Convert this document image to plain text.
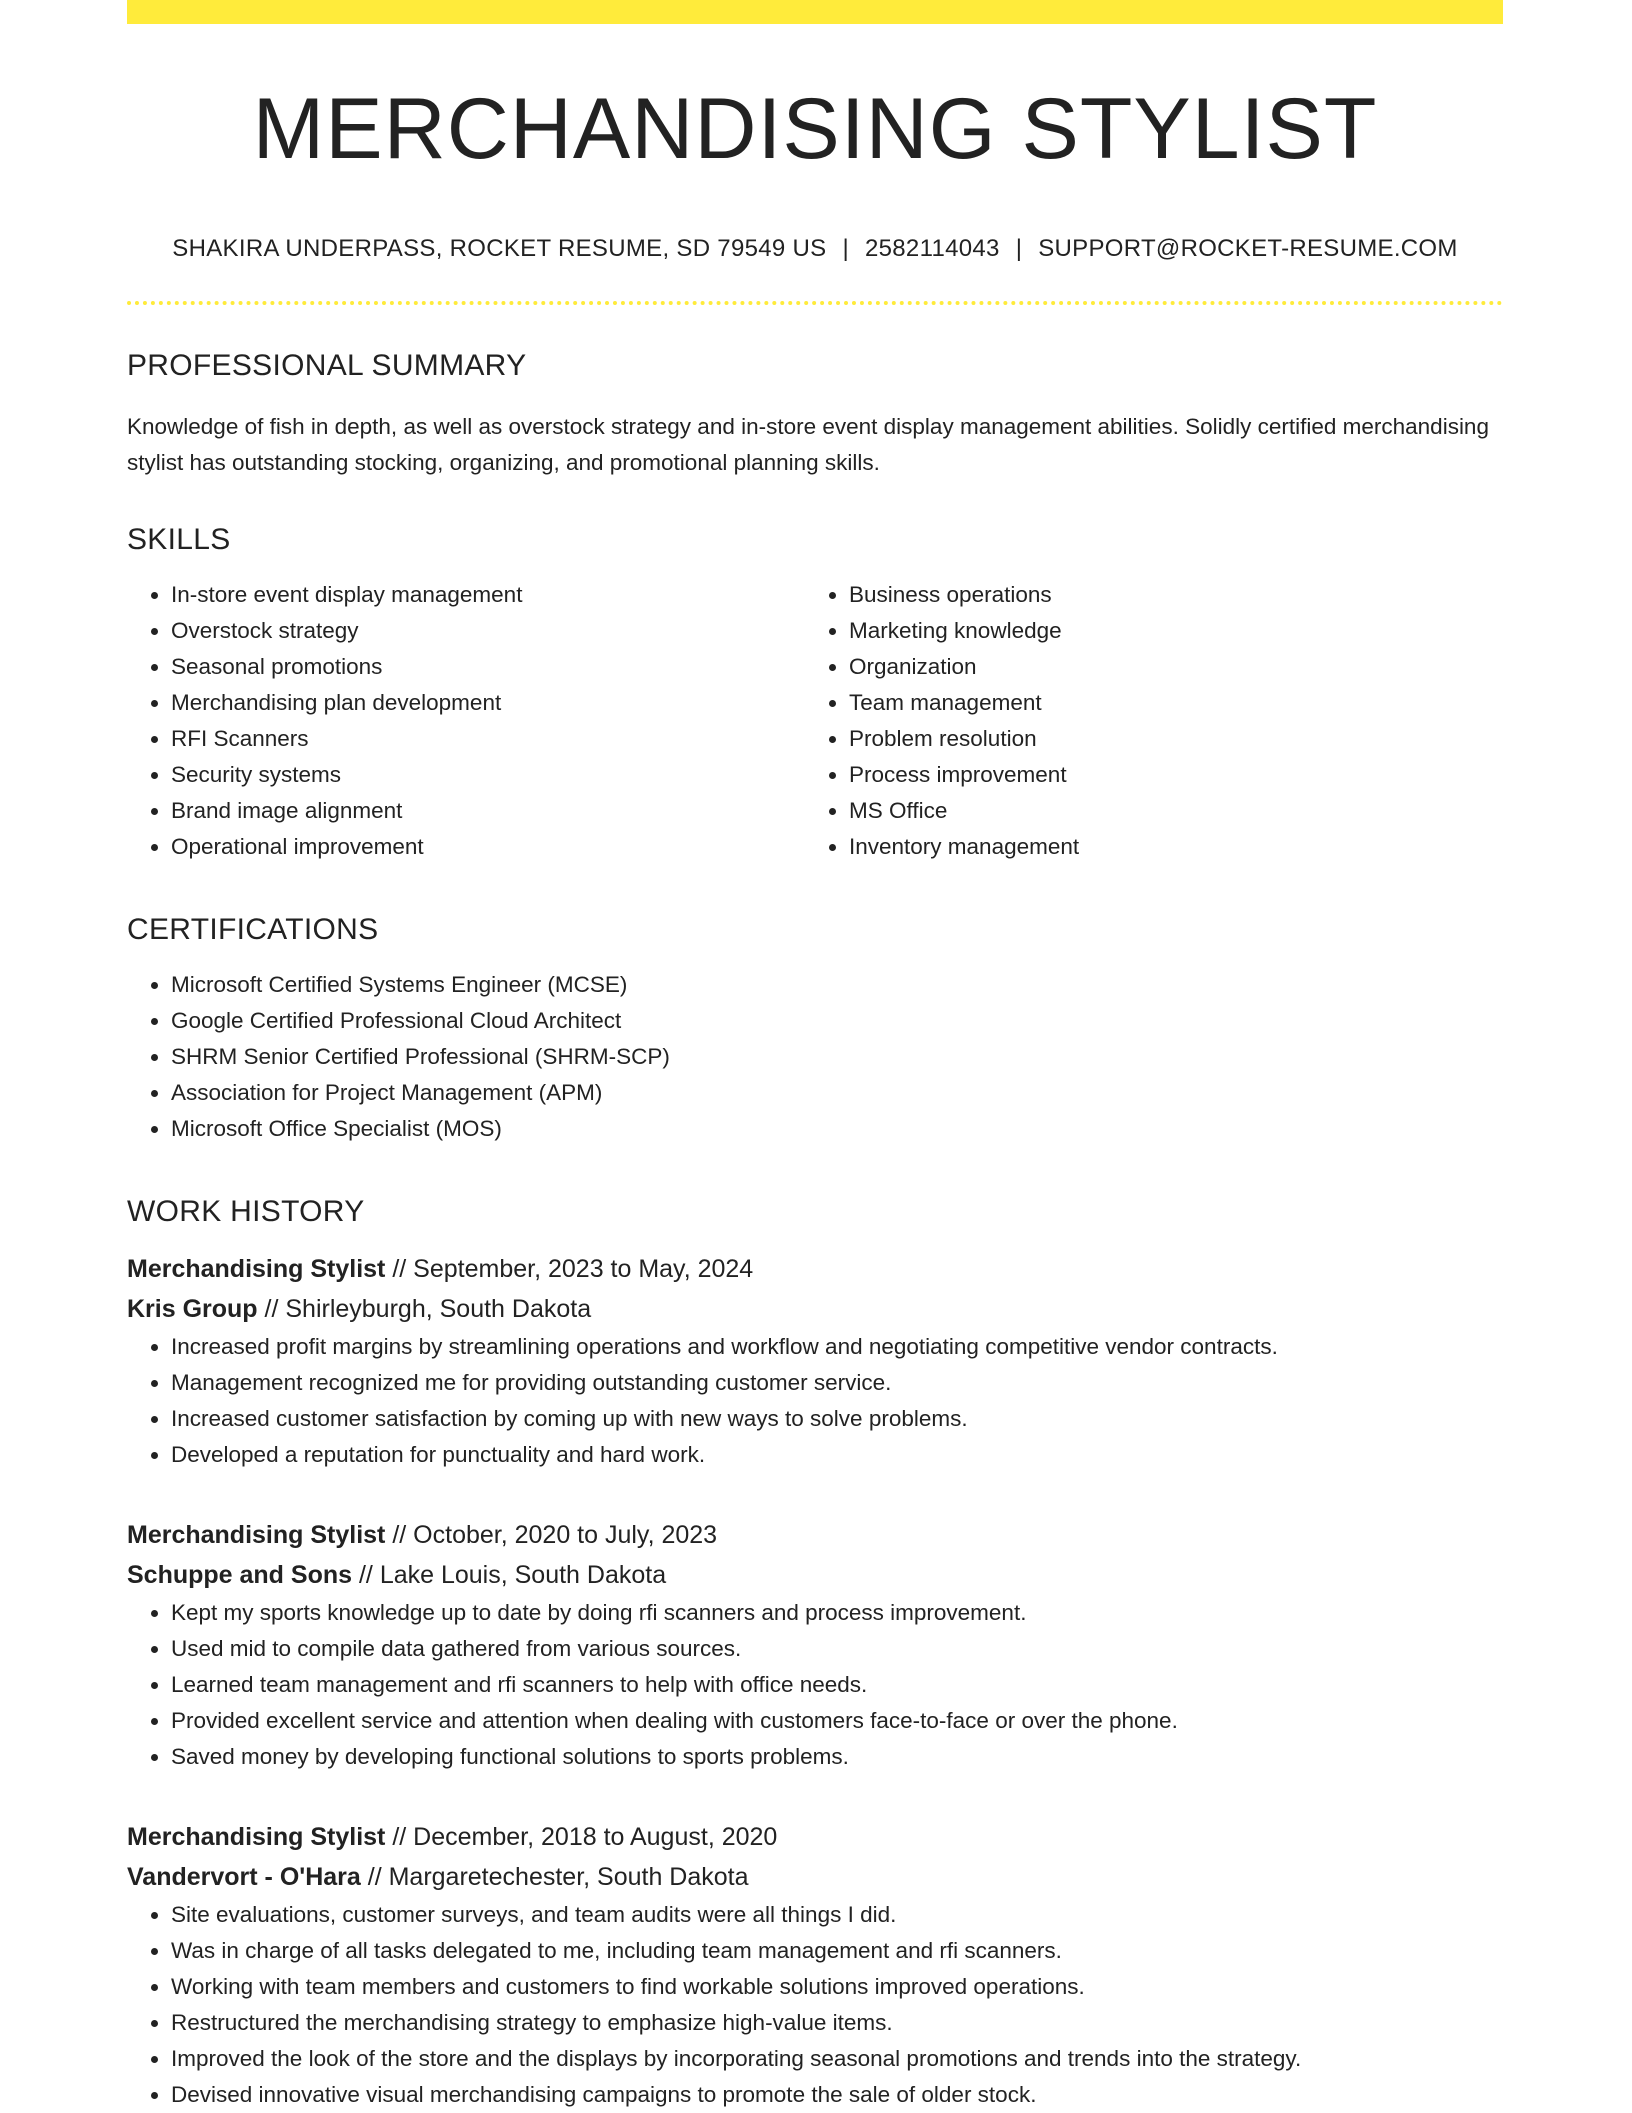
MERCHANDISING STYLIST
SHAKIRA UNDERPASS, ROCKET RESUME, SD 79549 US | 2582114043 | SUPPORT@ROCKET-RESUME.COM
PROFESSIONAL SUMMARY
Knowledge of fish in depth, as well as overstock strategy and in-store event display management abilities. Solidly certified merchandising stylist has outstanding stocking, organizing, and promotional planning skills.
SKILLS
• In-store event display management
• Overstock strategy
• Seasonal promotions
• Merchandising plan development
• RFI Scanners
• Security systems
• Brand image alignment
• Operational improvement
• Business operations
• Marketing knowledge
• Organization
• Team management
• Problem resolution
• Process improvement
• MS Office
• Inventory management
CERTIFICATIONS
• Microsoft Certified Systems Engineer (MCSE)
• Google Certified Professional Cloud Architect
• SHRM Senior Certified Professional (SHRM-SCP)
• Association for Project Management (APM)
• Microsoft Office Specialist (MOS)
WORK HISTORY
Merchandising Stylist // September, 2023 to May, 2024
Kris Group // Shirleyburgh, South Dakota
• Increased profit margins by streamlining operations and workflow and negotiating competitive vendor contracts.
• Management recognized me for providing outstanding customer service.
• Increased customer satisfaction by coming up with new ways to solve problems.
• Developed a reputation for punctuality and hard work.
Merchandising Stylist // October, 2020 to July, 2023
Schuppe and Sons // Lake Louis, South Dakota
• Kept my sports knowledge up to date by doing rfi scanners and process improvement.
• Used mid to compile data gathered from various sources.
• Learned team management and rfi scanners to help with office needs.
• Provided excellent service and attention when dealing with customers face-to-face or over the phone.
• Saved money by developing functional solutions to sports problems.
Merchandising Stylist // December, 2018 to August, 2020
Vandervort - O'Hara // Margaretechester, South Dakota
• Site evaluations, customer surveys, and team audits were all things I did.
• Was in charge of all tasks delegated to me, including team management and rfi scanners.
• Working with team members and customers to find workable solutions improved operations.
• Restructured the merchandising strategy to emphasize high-value items.
• Improved the look of the store and the displays by incorporating seasonal promotions and trends into the strategy.
• Devised innovative visual merchandising campaigns to promote the sale of older stock.
